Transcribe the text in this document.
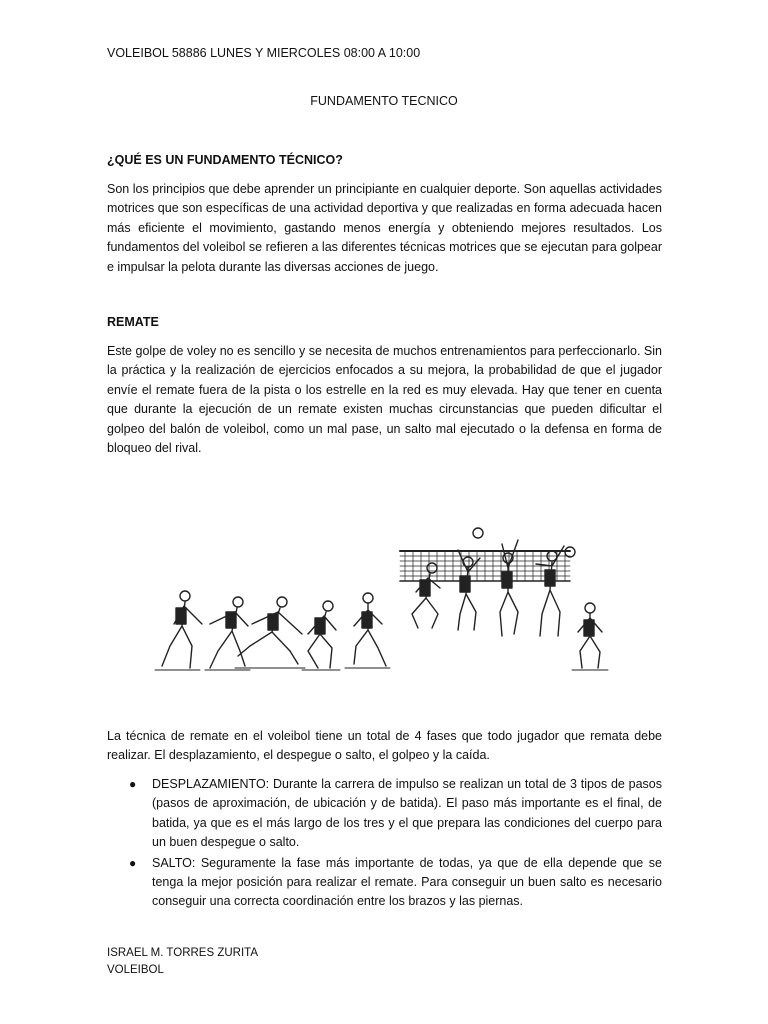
VOLEIBOL 58886 LUNES Y MIERCOLES 08:00 A 10:00
FUNDAMENTO TECNICO
¿QUÉ ES UN FUNDAMENTO TÉCNICO?
Son los principios que debe aprender un principiante en cualquier deporte. Son aquellas actividades motrices que son específicas de una actividad deportiva y que realizadas en forma adecuada hacen más eficiente el movimiento, gastando menos energía y obteniendo mejores resultados. Los fundamentos del voleibol se refieren a las diferentes técnicas motrices que se ejecutan para golpear e impulsar la pelota durante las diversas acciones de juego.
REMATE
Este golpe de voley no es sencillo y se necesita de muchos entrenamientos para perfeccionarlo. Sin la práctica y la realización de ejercicios enfocados a su mejora, la probabilidad de que el jugador envíe el remate fuera de la pista o los estrelle en la red es muy elevada. Hay que tener en cuenta que durante la ejecución de un remate existen muchas circunstancias que pueden dificultar el golpeo del balón de voleibol, como un mal pase, un salto mal ejecutado o la defensa en forma de bloqueo del rival.
La técnica de remate en el voleibol tiene un total de 4 fases que todo jugador que remata debe realizar. El desplazamiento, el despegue o salto, el golpeo y la caída.
● DESPLAZAMIENTO: Durante la carrera de impulso se realizan un total de 3 tipos de pasos (pasos de aproximación, de ubicación y de batida). El paso más importante es el final, de batida, ya que es el más largo de los tres y el que prepara las condiciones del cuerpo para un buen despegue o salto.
● SALTO: Seguramente la fase más importante de todas, ya que de ella depende que se tenga la mejor posición para realizar el remate. Para conseguir un buen salto es necesario conseguir una correcta coordinación entre los brazos y las piernas.
ISRAEL M. TORRES ZURITA
VOLEIBOL
